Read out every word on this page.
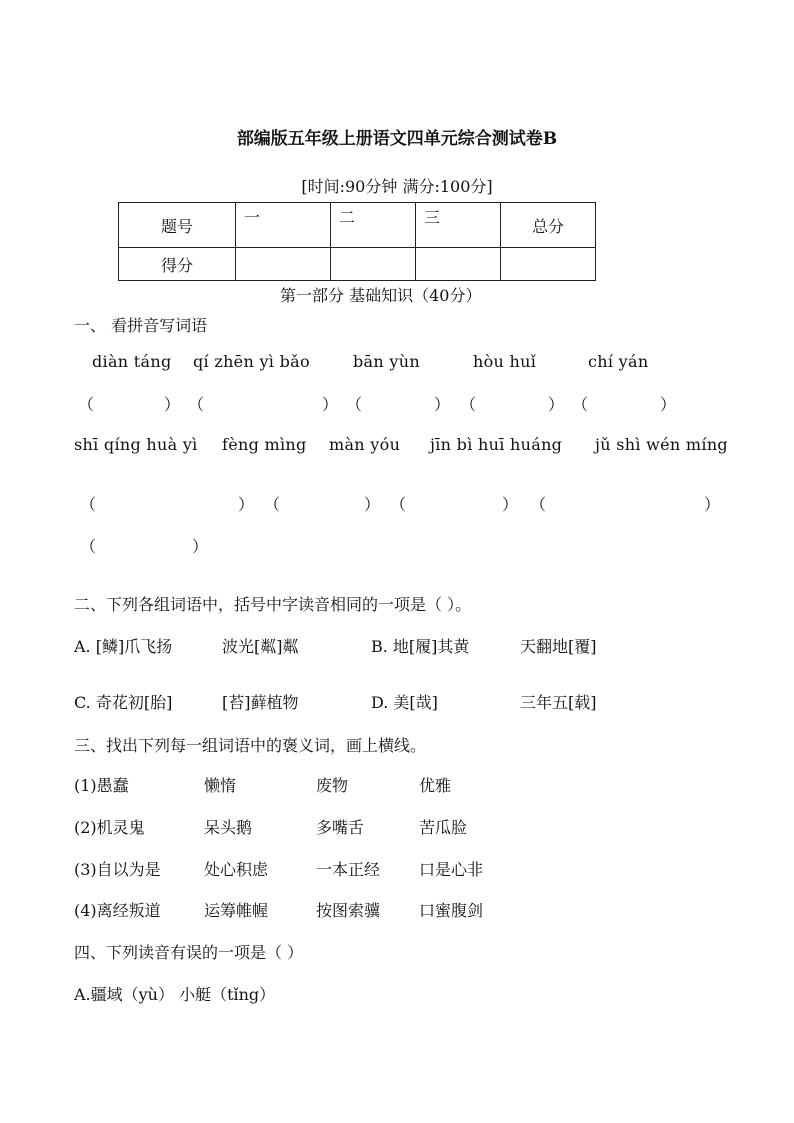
部编版五年级上册语文四单元综合测试卷B
[时间:90分钟 满分:100分]
题号	一	二	三	总分
得分				
第一部分 基础知识（40分）
一、 看拼音写词语
diàn táng qí zhēn yì bǎo	bān yùn	hòu huǐ	chí yán
（	） （	） （	） （	） （	）
shī qíng huà yì fèng mìng màn yóu jīn bì huī huáng jǔ shì wén míng
（	） （	） （	） （	）
（	）
二、下列各组词语中，括号中字读音相同的一项是（ ）。
A. [鳞]爪飞扬	波光[粼]粼	B. 地[履]其黄	天翻地[覆]
C. 奇花初[胎]	[苔]藓植物	D. 美[哉]	三年五[载]
三、找出下列每一组词语中的褒义词，画上横线。
(1)愚蠢	懒惰	废物	优雅
(2)机灵鬼	呆头鹅	多嘴舌	苦瓜脸
(3)自以为是	处心积虑	一本正经 口是心非
(4)离经叛道	运筹帷幄	按图索骥 口蜜腹剑
四、下列读音有误的一项是（ ）
A.疆域（yù） 小艇（tǐng）
